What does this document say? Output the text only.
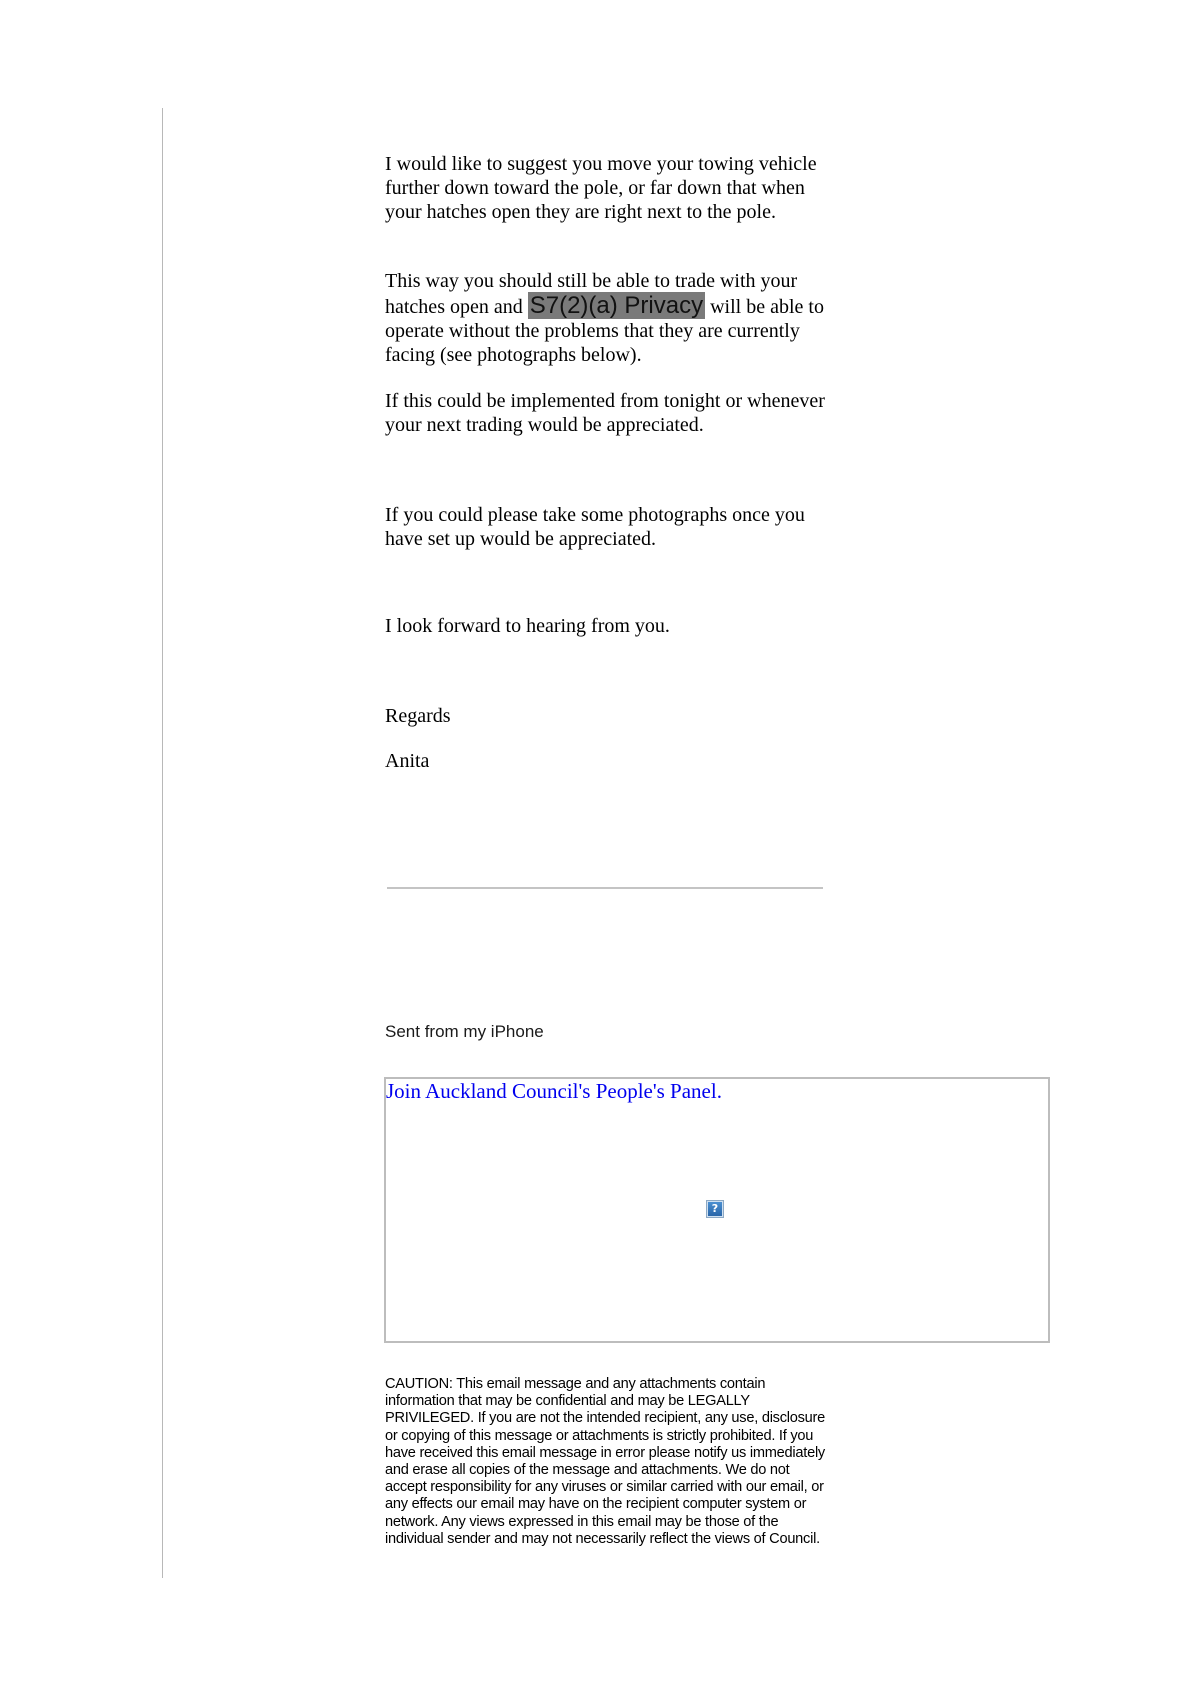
I would like to suggest you move your towing vehicle further down toward the pole, or far down that when your hatches open they are right next to the pole.

This way you should still be able to trade with your hatches open and S7(2)(a) Privacy will be able to operate without the problems that they are currently facing (see photographs below).

If this could be implemented from tonight or whenever your next trading would be appreciated.

If you could please take some photographs once you have set up would be appreciated.

I look forward to hearing from you.

Regards

Anita

Sent from my iPhone

Join Auckland Council's People's Panel.
?

CAUTION: This email message and any attachments contain information that may be confidential and may be LEGALLY PRIVILEGED. If you are not the intended recipient, any use, disclosure or copying of this message or attachments is strictly prohibited. If you have received this email message in error please notify us immediately and erase all copies of the message and attachments. We do not accept responsibility for any viruses or similar carried with our email, or any effects our email may have on the recipient computer system or network. Any views expressed in this email may be those of the individual sender and may not necessarily reflect the views of Council.
